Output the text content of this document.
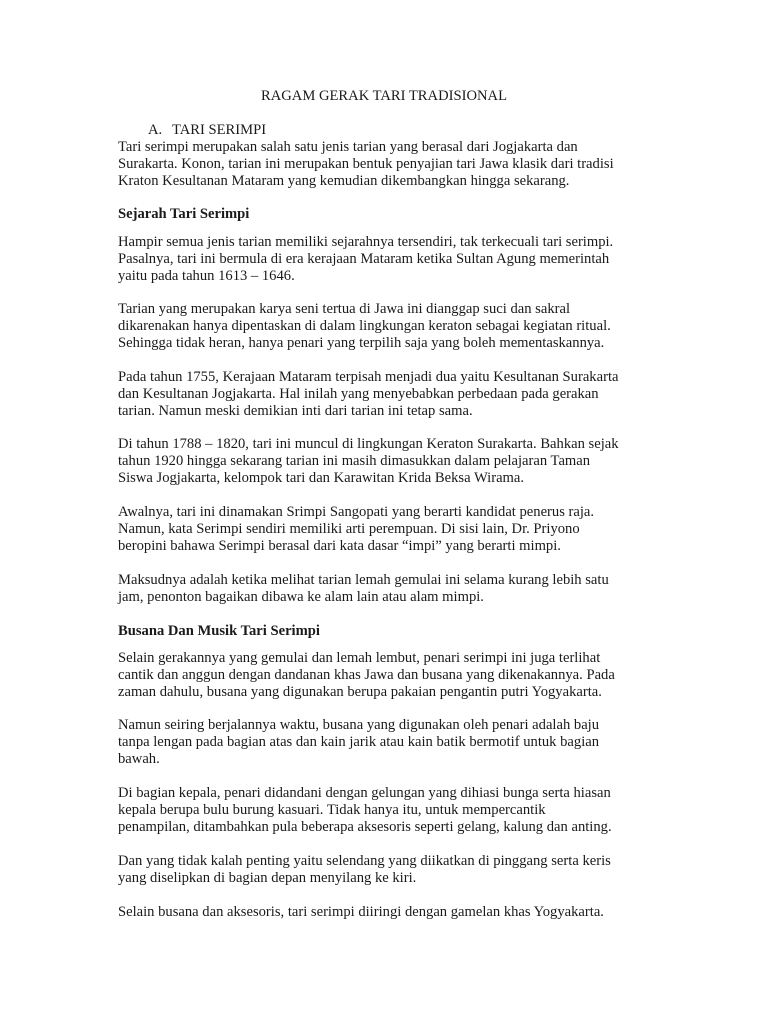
RAGAM GERAK TARI TRADISIONAL
A. TARI SERIMPI

Tari serimpi merupakan salah satu jenis tarian yang berasal dari Jogjakarta dan

Surakarta. Konon, tarian ini merupakan bentuk penyajian tari Jawa klasik dari tradisi

Kraton Kesultanan Mataram yang kemudian dikembangkan hingga sekarang.

Sejarah Tari Serimpi

Hampir semua jenis tarian memiliki sejarahnya tersendiri, tak terkecuali tari serimpi.

Pasalnya, tari ini bermula di era kerajaan Mataram ketika Sultan Agung memerintah

yaitu pada tahun 1613 – 1646.

Tarian yang merupakan karya seni tertua di Jawa ini dianggap suci dan sakral

dikarenakan hanya dipentaskan di dalam lingkungan keraton sebagai kegiatan ritual.

Sehingga tidak heran, hanya penari yang terpilih saja yang boleh mementaskannya.

Pada tahun 1755, Kerajaan Mataram terpisah menjadi dua yaitu Kesultanan Surakarta

dan Kesultanan Jogjakarta. Hal inilah yang menyebabkan perbedaan pada gerakan

tarian. Namun meski demikian inti dari tarian ini tetap sama.

Di tahun 1788 – 1820, tari ini muncul di lingkungan Keraton Surakarta. Bahkan sejak

tahun 1920 hingga sekarang tarian ini masih dimasukkan dalam pelajaran Taman

Siswa Jogjakarta, kelompok tari dan Karawitan Krida Beksa Wirama.

Awalnya, tari ini dinamakan Srimpi Sangopati yang berarti kandidat penerus raja.

Namun, kata Serimpi sendiri memiliki arti perempuan. Di sisi lain, Dr. Priyono

beropini bahawa Serimpi berasal dari kata dasar “impi” yang berarti mimpi.

Maksudnya adalah ketika melihat tarian lemah gemulai ini selama kurang lebih satu

jam, penonton bagaikan dibawa ke alam lain atau alam mimpi.

Busana Dan Musik Tari Serimpi

Selain gerakannya yang gemulai dan lemah lembut, penari serimpi ini juga terlihat

cantik dan anggun dengan dandanan khas Jawa dan busana yang dikenakannya. Pada

zaman dahulu, busana yang digunakan berupa pakaian pengantin putri Yogyakarta.

Namun seiring berjalannya waktu, busana yang digunakan oleh penari adalah baju

tanpa lengan pada bagian atas dan kain jarik atau kain batik bermotif untuk bagian

bawah.

Di bagian kepala, penari didandani dengan gelungan yang dihiasi bunga serta hiasan

kepala berupa bulu burung kasuari. Tidak hanya itu, untuk mempercantik

penampilan, ditambahkan pula beberapa aksesoris seperti gelang, kalung dan anting.

Dan yang tidak kalah penting yaitu selendang yang diikatkan di pinggang serta keris

yang diselipkan di bagian depan menyilang ke kiri.

Selain busana dan aksesoris, tari serimpi diiringi dengan gamelan khas Yogyakarta.
